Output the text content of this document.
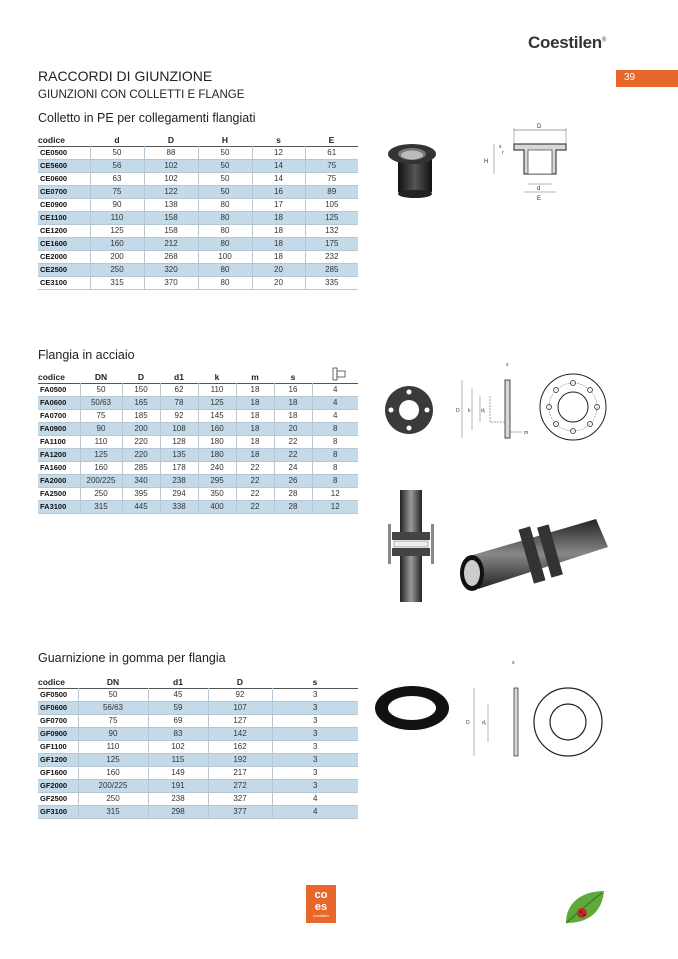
Coestilen®
39
RACCORDI DI GIUNZIONE
GIUNZIONI CON COLLETTI E FLANGE
Colletto in PE per collegamenti flangiati
codice	d	D	H	s	E
CE0500	50	88	50	12	61
CE5600	56	102	50	14	75
CE0600	63	102	50	14	75
CE0700	75	122	50	16	89
CE0900	90	138	80	17	105
CE1100	110	158	80	18	125
CE1200	125	158	80	18	132
CE1600	160	212	80	18	175
CE2000	200	268	100	18	232
CE2500	250	320	80	20	285
CE3100	315	370	80	20	335
D
H
s
r
d
E
Flangia in acciaio
codice	DN	D	d1	k	m	s	
FA0500	50	150	62	110	18	16	4
FA0600	50/63	165	78	125	18	18	4
FA0700	75	185	92	145	18	18	4
FA0900	90	200	108	160	18	20	8
FA1100	110	220	128	180	18	22	8
FA1200	125	220	135	180	18	22	8
FA1600	160	285	178	240	22	24	8
FA2000	200/225	340	238	295	22	26	8
FA2500	250	395	294	350	22	28	12
FA3100	315	445	338	400	22	28	12
s
D k d₁
m
Guarnizione in gomma per flangia
codice	DN	d1	D	s
GF0500	50	45	92	3
GF0600	56/63	59	107	3
GF0700	75	69	127	3
GF0900	90	83	142	3
GF1100	110	102	162	3
GF1200	125	115	192	3
GF1600	160	149	217	3
GF2000	200/225	191	272	3
GF2500	250	238	327	4
GF3100	315	298	377	4
s
D d₁
co
es
coestilen
